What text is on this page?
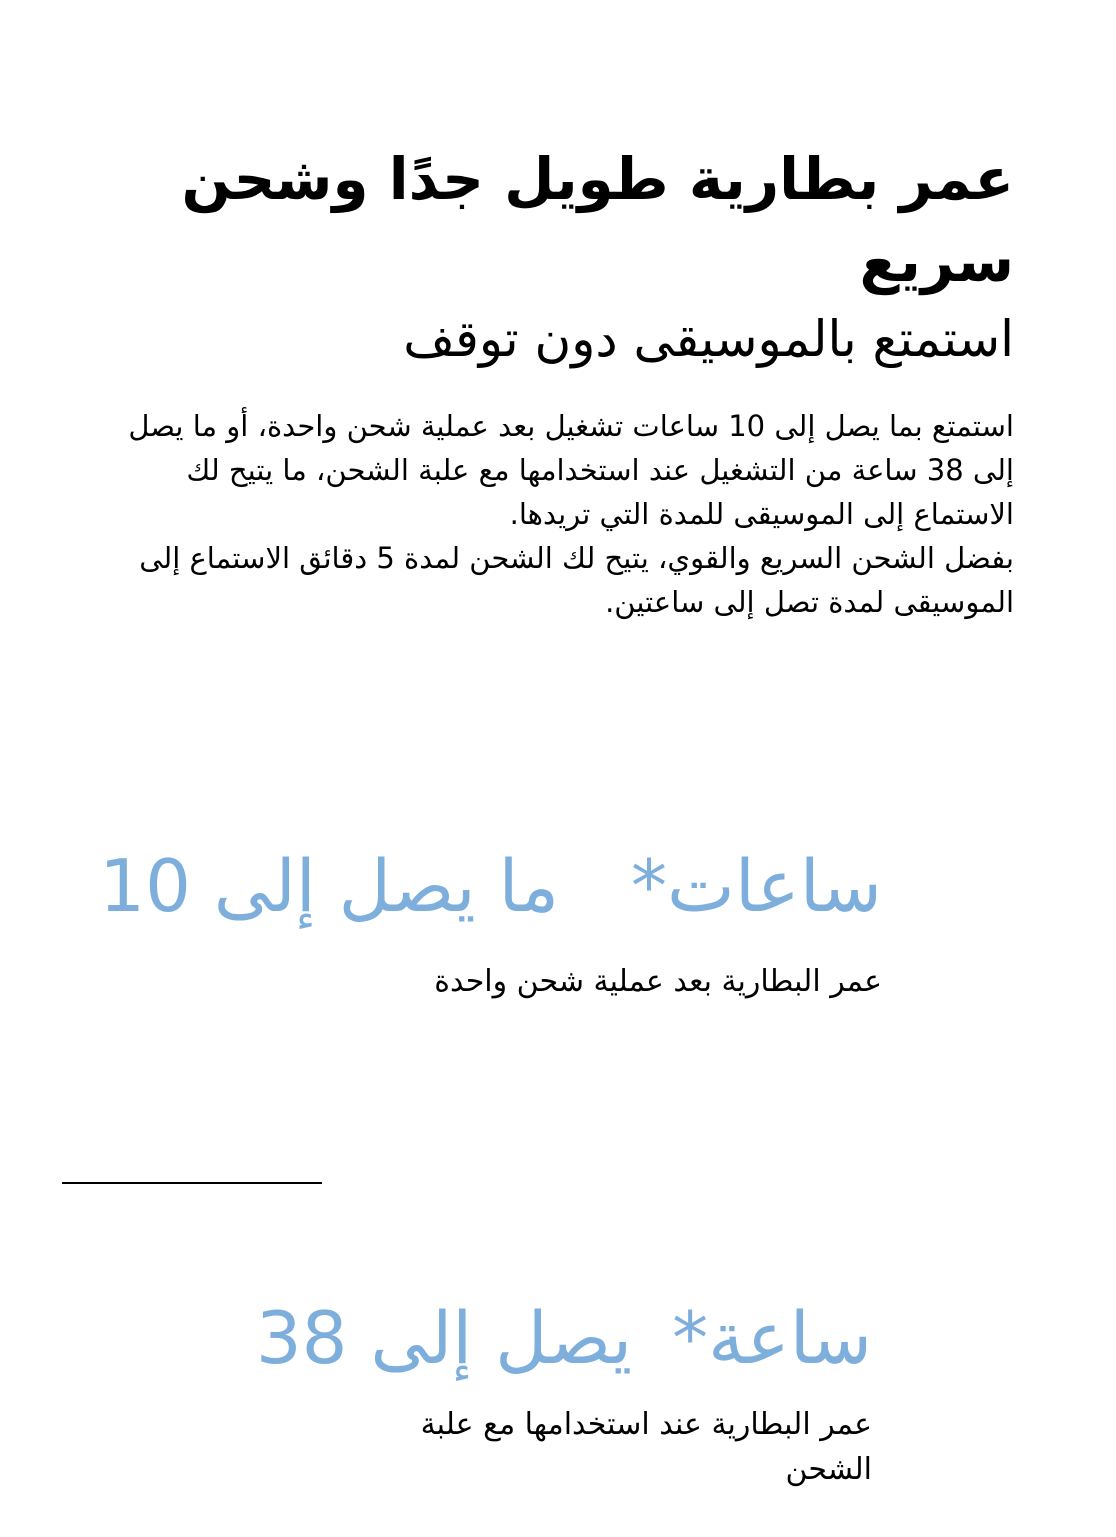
عمر بطارية طويل جدًا وشحن سريع
استمتع بالموسيقى دون توقف

استمتع بما يصل إلى 10 ساعات تشغيل بعد عملية شحن واحدة، أو ما يصل إلى 38 ساعة من التشغيل عند استخدامها مع علبة الشحن، ما يتيح لك الاستماع إلى الموسيقى للمدة التي تريدها.

بفضل الشحن السريع والقوي، يتيح لك الشحن لمدة 5 دقائق الاستماع إلى الموسيقى لمدة تصل إلى ساعتين.

ساعات*ما يصل إلى 10
عمر البطارية بعد عملية شحن واحدة
ساعة*يصل إلى 38
عمر البطارية عند استخدامها مع علبة الشحن
